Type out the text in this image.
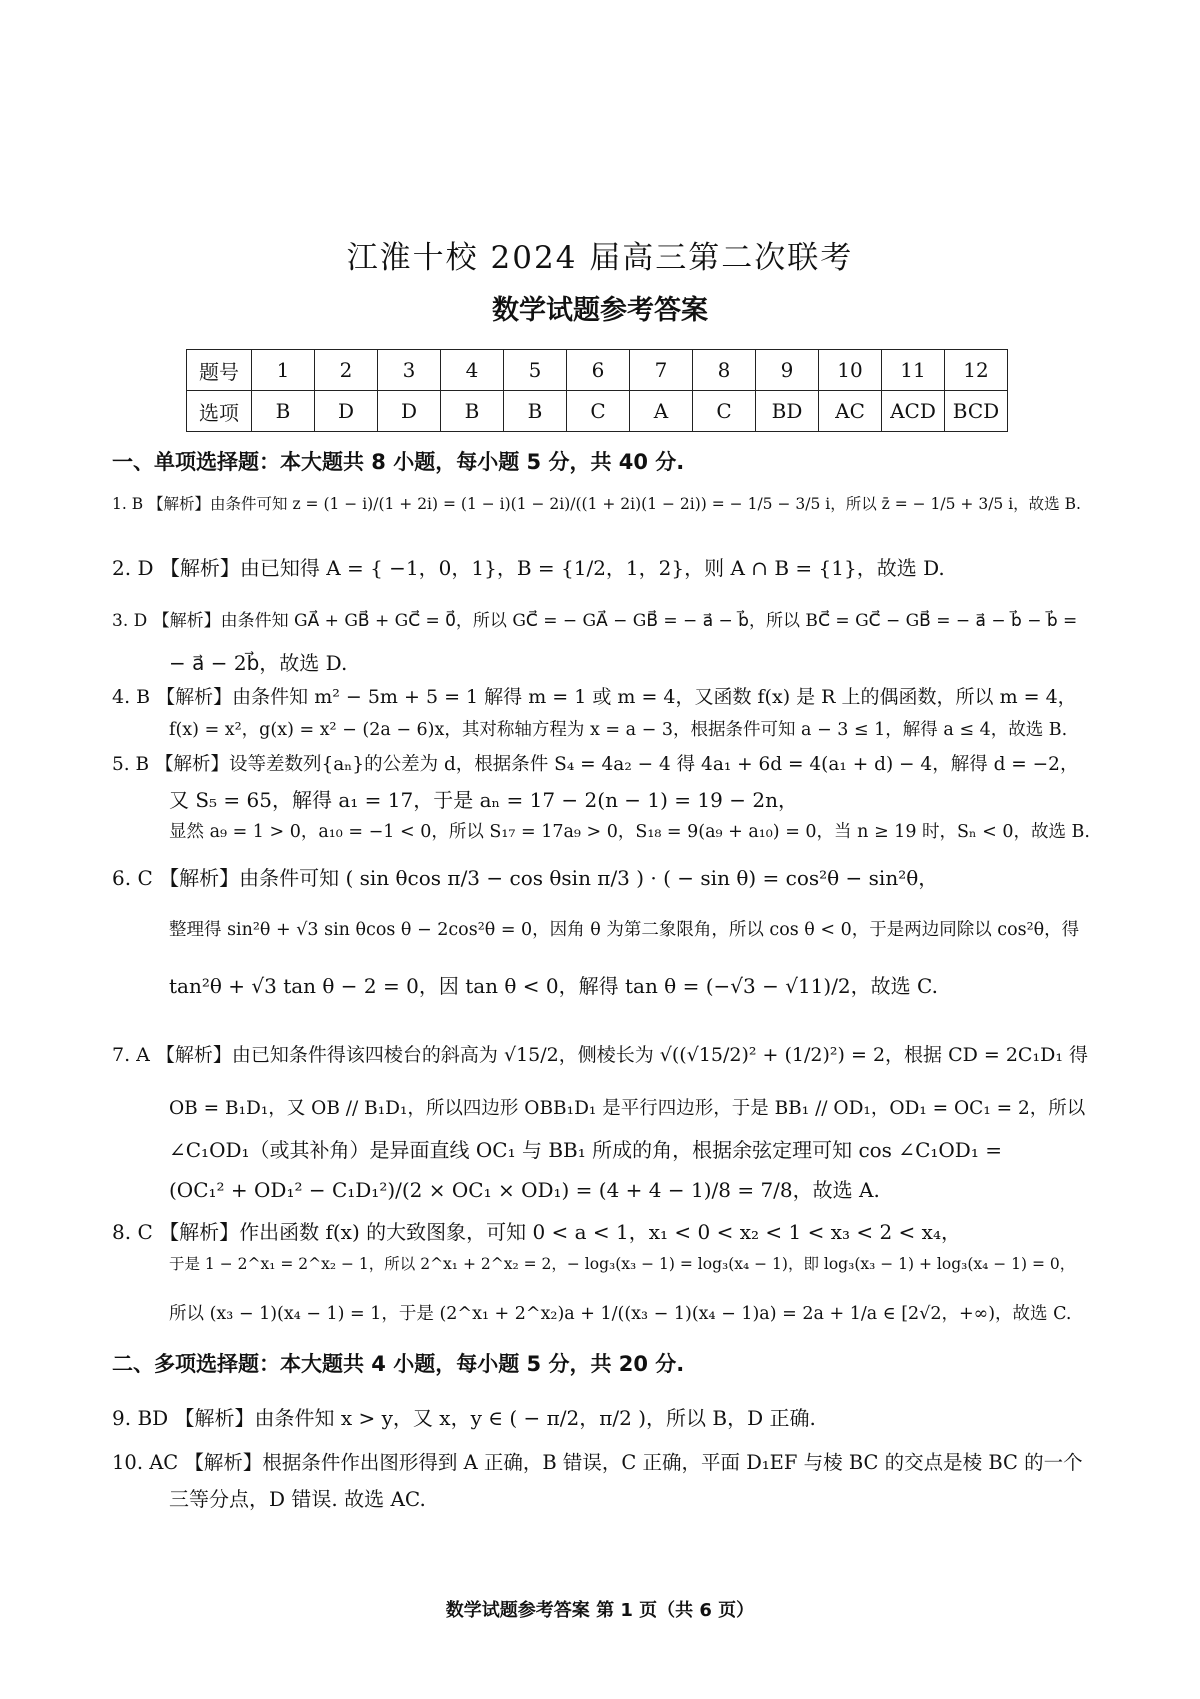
江淮十校 2024 届高三第二次联考
数学试题参考答案
题号	1	2	3	4	5	6	7	8	9	10	11	12
选项	B	D	D	B	B	C	A	C	BD	AC	ACD	BCD
一、单项选择题：本大题共 8 小题，每小题 5 分，共 40 分.
1. B 【解析】由条件可知 z = (1 − i)/(1 + 2i) = (1 − i)(1 − 2i)/((1 + 2i)(1 − 2i)) = − 1/5 − 3/5 i，所以 z̄ = − 1/5 + 3/5 i，故选 B.
2. D 【解析】由已知得 A = { −1，0，1}，B = {1/2，1，2}，则 A ∩ B = {1}，故选 D.
3. D 【解析】由条件知 GA⃗ + GB⃗ + GC⃗ = 0⃗，所以 GC⃗ = − GA⃗ − GB⃗ = − a⃗ − b⃗，所以 BC⃗ = GC⃗ − GB⃗ = − a⃗ − b⃗ − b⃗ =
− a⃗ − 2b⃗，故选 D.
4. B 【解析】由条件知 m² − 5m + 5 = 1 解得 m = 1 或 m = 4，又函数 f(x) 是 R 上的偶函数，所以 m = 4，
f(x) = x²，g(x) = x² − (2a − 6)x，其对称轴方程为 x = a − 3，根据条件可知 a − 3 ≤ 1，解得 a ≤ 4，故选 B.
5. B 【解析】设等差数列{aₙ}的公差为 d，根据条件 S₄ = 4a₂ − 4 得 4a₁ + 6d = 4(a₁ + d) − 4，解得 d = −2，
又 S₅ = 65，解得 a₁ = 17，于是 aₙ = 17 − 2(n − 1) = 19 − 2n，
显然 a₉ = 1 > 0，a₁₀ = −1 < 0，所以 S₁₇ = 17a₉ > 0，S₁₈ = 9(a₉ + a₁₀) = 0，当 n ≥ 19 时，Sₙ < 0，故选 B.
6. C 【解析】由条件可知 ( sin θcos π/3 − cos θsin π/3 ) · ( − sin θ) = cos²θ − sin²θ，
整理得 sin²θ + √3 sin θcos θ − 2cos²θ = 0，因角 θ 为第二象限角，所以 cos θ < 0，于是两边同除以 cos²θ，得
tan²θ + √3 tan θ − 2 = 0，因 tan θ < 0，解得 tan θ = (−√3 − √11)/2，故选 C.
7. A 【解析】由已知条件得该四棱台的斜高为 √15/2，侧棱长为 √((√15/2)² + (1/2)²) = 2，根据 CD = 2C₁D₁ 得
OB = B₁D₁，又 OB // B₁D₁，所以四边形 OBB₁D₁ 是平行四边形，于是 BB₁ // OD₁，OD₁ = OC₁ = 2，所以
∠C₁OD₁（或其补角）是异面直线 OC₁ 与 BB₁ 所成的角，根据余弦定理可知 cos ∠C₁OD₁ =
(OC₁² + OD₁² − C₁D₁²)/(2 × OC₁ × OD₁) = (4 + 4 − 1)/8 = 7/8，故选 A.
8. C 【解析】作出函数 f(x) 的大致图象，可知 0 < a < 1，x₁ < 0 < x₂ < 1 < x₃ < 2 < x₄，
于是 1 − 2^x₁ = 2^x₂ − 1，所以 2^x₁ + 2^x₂ = 2，− log₃(x₃ − 1) = log₃(x₄ − 1)，即 log₃(x₃ − 1) + log₃(x₄ − 1) = 0，
所以 (x₃ − 1)(x₄ − 1) = 1，于是 (2^x₁ + 2^x₂)a + 1/((x₃ − 1)(x₄ − 1)a) = 2a + 1/a ∈ [2√2，+∞)，故选 C.
二、多项选择题：本大题共 4 小题，每小题 5 分，共 20 分.
9. BD 【解析】由条件知 x > y，又 x，y ∈ ( − π/2，π/2 )，所以 B，D 正确.
10. AC 【解析】根据条件作出图形得到 A 正确，B 错误，C 正确，平面 D₁EF 与棱 BC 的交点是棱 BC 的一个
三等分点，D 错误. 故选 AC.
数学试题参考答案 第 1 页（共 6 页）
